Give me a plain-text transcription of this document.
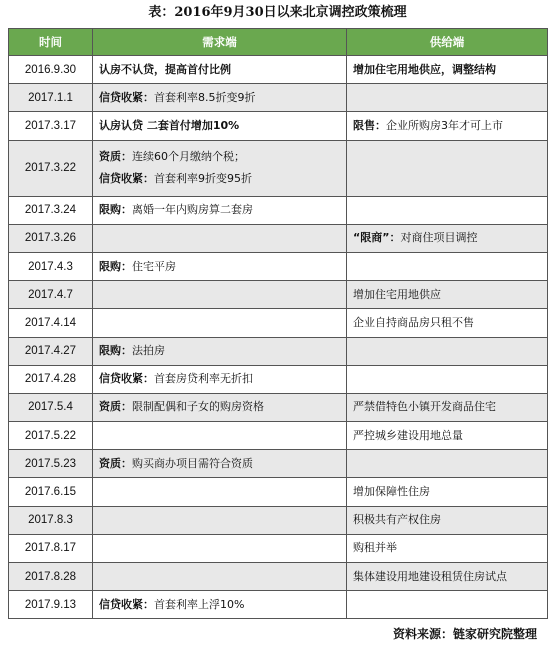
表：2016年9月30日以来北京调控政策梳理
时间	需求端	供给端
2016.9.30	认房不认贷，提高首付比例	增加住宅用地供应，调整结构

2017.1.1	信贷收紧：首套利率8.5折变9折	

2017.3.17	认房认贷 二套首付增加10%	限售：企业所购房3年才可上市

2017.3.22	资质：连续60个月缴纳个税；
信贷收紧：首套利率9折变95折	

2017.3.24	限购：离婚一年内购房算二套房	

2017.3.26		“限商”：对商住项目调控

2017.4.3	限购：住宅平房	

2017.4.7		增加住宅用地供应

2017.4.14		企业自持商品房只租不售

2017.4.27	限购：法拍房	

2017.4.28	信贷收紧：首套房贷利率无折扣	

2017.5.4	资质：限制配偶和子女的购房资格	严禁借特色小镇开发商品住宅

2017.5.22		严控城乡建设用地总量

2017.5.23	资质：购买商办项目需符合资质	

2017.6.15		增加保障性住房

2017.8.3		积极共有产权住房

2017.8.17		购租并举

2017.8.28		集体建设用地建设租赁住房试点

2017.9.13	信贷收紧：首套利率上浮10%	

资料来源：链家研究院整理
